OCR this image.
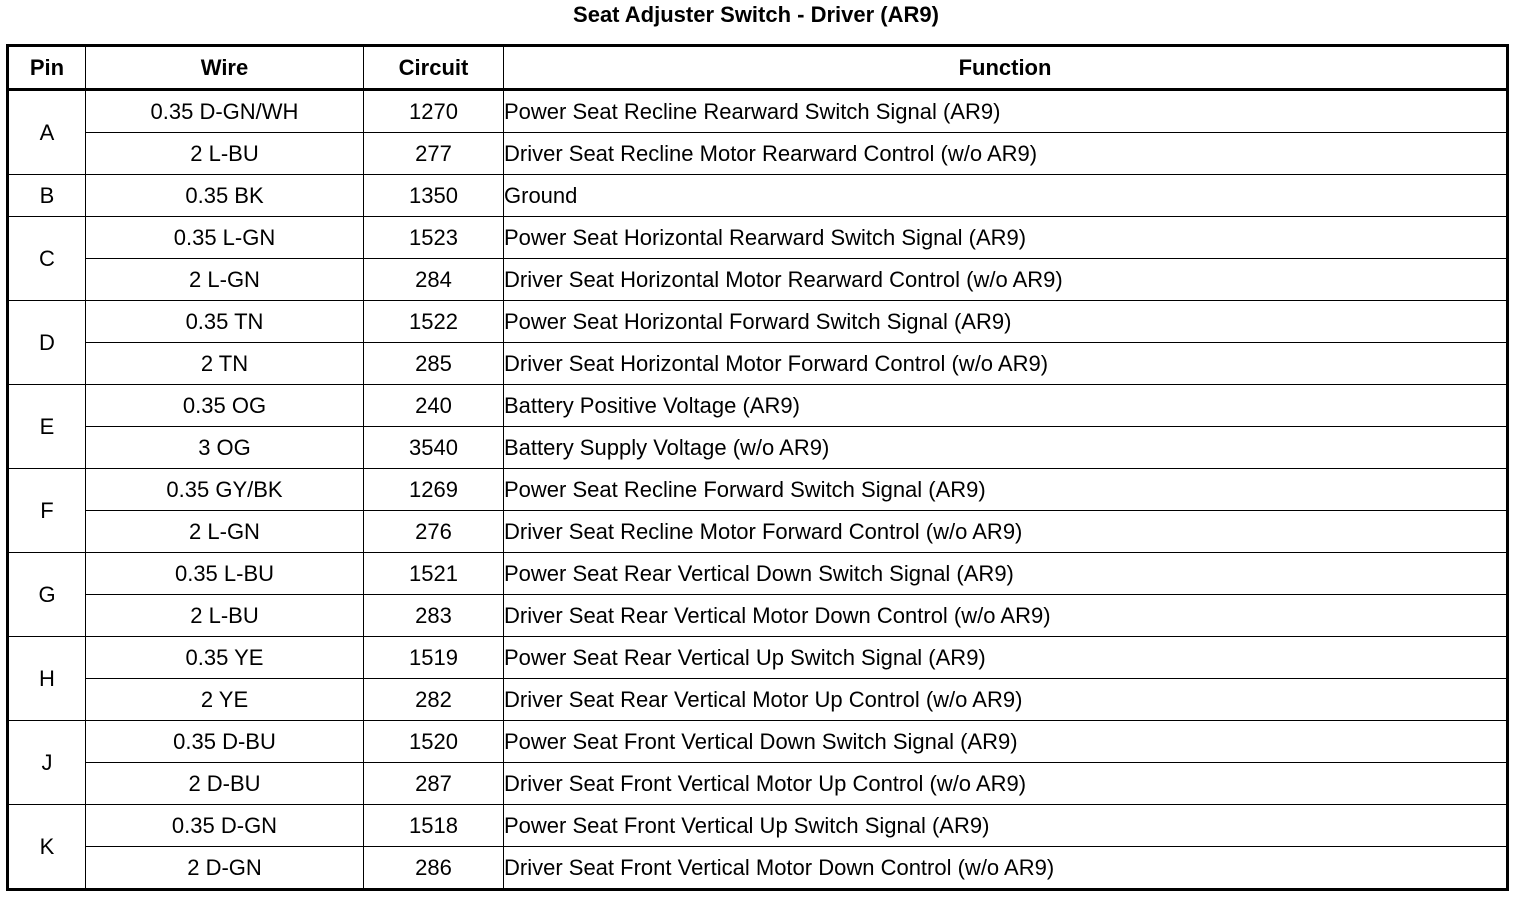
Seat Adjuster Switch - Driver (AR9)
Pin	Wire	Circuit	Function
A	0.35 D-GN/WH	1270	Power Seat Recline Rearward Switch Signal (AR9)
	2 L-BU	277	Driver Seat Recline Motor Rearward Control (w/o AR9)
B	0.35 BK	1350	Ground
C	0.35 L-GN	1523	Power Seat Horizontal Rearward Switch Signal (AR9)
	2 L-GN	284	Driver Seat Horizontal Motor Rearward Control (w/o AR9)
D	0.35 TN	1522	Power Seat Horizontal Forward Switch Signal (AR9)
	2 TN	285	Driver Seat Horizontal Motor Forward Control (w/o AR9)
E	0.35 OG	240	Battery Positive Voltage (AR9)
	3 OG	3540	Battery Supply Voltage (w/o AR9)
F	0.35 GY/BK	1269	Power Seat Recline Forward Switch Signal (AR9)
	2 L-GN	276	Driver Seat Recline Motor Forward Control (w/o AR9)
G	0.35 L-BU	1521	Power Seat Rear Vertical Down Switch Signal (AR9)
	2 L-BU	283	Driver Seat Rear Vertical Motor Down Control (w/o AR9)
H	0.35 YE	1519	Power Seat Rear Vertical Up Switch Signal (AR9)
	2 YE	282	Driver Seat Rear Vertical Motor Up Control (w/o AR9)
J	0.35 D-BU	1520	Power Seat Front Vertical Down Switch Signal (AR9)
	2 D-BU	287	Driver Seat Front Vertical Motor Up Control (w/o AR9)
K	0.35 D-GN	1518	Power Seat Front Vertical Up Switch Signal (AR9)
	2 D-GN	286	Driver Seat Front Vertical Motor Down Control (w/o AR9)
